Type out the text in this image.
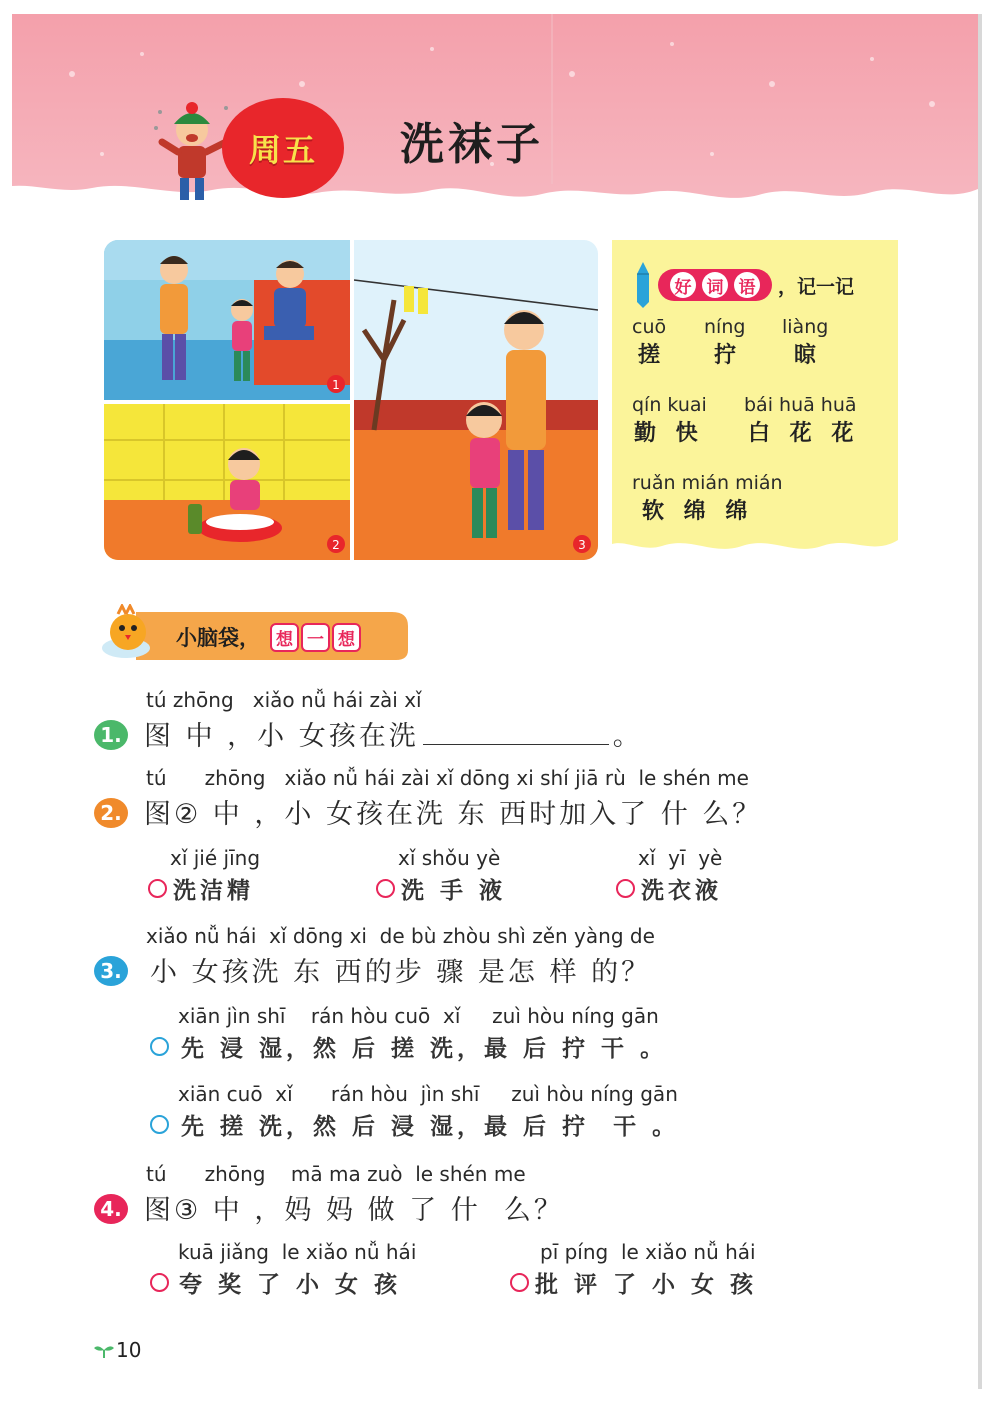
周五 洗袜子
1
2	3
好 词 语 ，记一记
cuō
搓
níng
拧
liàng
晾
qín kuai
勤 快
bái huā huā
白 花 花
ruǎn mián mián
软 绵 绵
小脑袋， 想 一 想
tú zhōng   xiǎo nǚ hái zài xǐ
1. 图 中 ，小 女孩在洗	。
tú      zhōng   xiǎo nǚ hái zài xǐ dōng xi shí jiā rù  le shén me
2. 图② 中 ，小 女孩在洗 东 西时加入了 什 么？
xǐ jié jīng
洗洁精
xǐ shǒu yè
洗 手 液
xǐ  yī  yè
洗衣液
xiǎo nǚ hái  xǐ dōng xi  de bù zhòu shì zěn yàng de
3. 小 女孩洗 东 西的步 骤 是怎 样 的？
xiān jìn shī    rán hòu cuō  xǐ     zuì hòu níng gān
先 浸 湿，然 后 搓 洗，最 后 拧 干 。
xiān cuō  xǐ      rán hòu  jìn shī     zuì hòu níng gān
先 搓 洗，然 后 浸 湿，最 后 拧  干 。
tú      zhōng    mā ma zuò  le shén me
4. 图③ 中 ，妈 妈 做 了 什  么？
kuā jiǎng  le xiǎo nǚ hái
夸 奖 了 小 女 孩
pī píng  le xiǎo nǚ hái
批 评 了 小 女 孩
10
